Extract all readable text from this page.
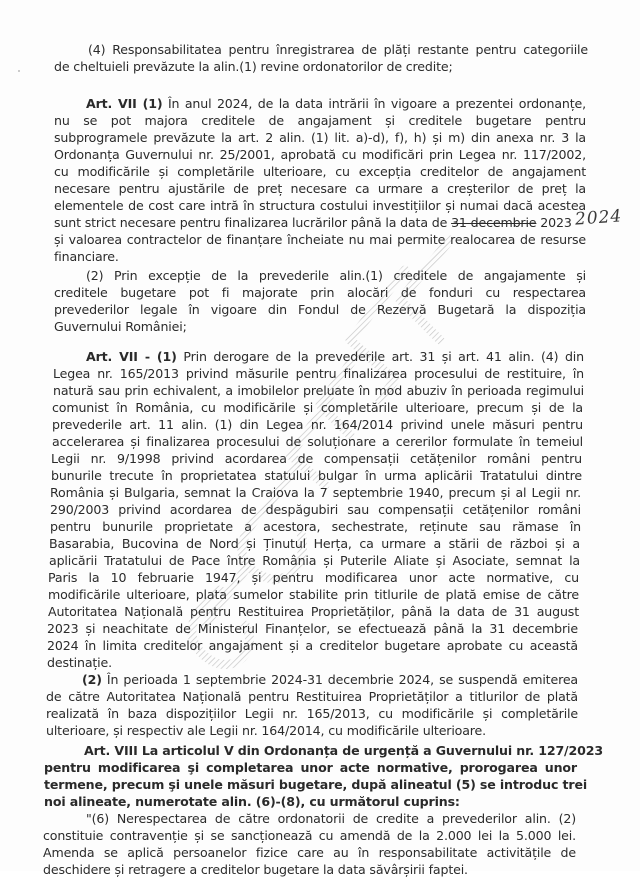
(4) Responsabilitatea pentru înregistrarea de plăți restante pentru categoriile
de cheltuieli prevăzute la alin.(1) revine ordonatorilor de credite;
Art. VII (1) În anul 2024, de la data intrării în vigoare a prezentei ordonanțe,
nu se pot majora creditele de angajament și creditele bugetare pentru
subprogramele prevăzute la art. 2 alin. (1) lit. a)-d), f), h) și m) din anexa nr. 3 la
Ordonanța Guvernului nr. 25/2001, aprobată cu modificări prin Legea nr. 117/2002,
cu modificările și completările ulterioare, cu excepția creditelor de angajament
necesare pentru ajustările de preț necesare ca urmare a creșterilor de preț la
elementele de cost care intră în structura costului investițiilor și numai dacă acestea
sunt strict necesare pentru finalizarea lucrărilor până la data de 31 decembrie 2023 2024
și valoarea contractelor de finanțare încheiate nu mai permite realocarea de resurse
financiare.
(2) Prin excepție de la prevederile alin.(1) creditele de angajamente și
creditele bugetare pot fi majorate prin alocări de fonduri cu respectarea
prevederilor legale în vigoare din Fondul de Rezervă Bugetară la dispoziția
Guvernului României;
Art. VII - (1) Prin derogare de la prevederile art. 31 și art. 41 alin. (4) din
Legea nr. 165/2013 privind măsurile pentru finalizarea procesului de restituire, în
natură sau prin echivalent, a imobilelor preluate în mod abuziv în perioada regimului
comunist în România, cu modificările și completările ulterioare, precum și de la
prevederile art. 11 alin. (1) din Legea nr. 164/2014 privind unele măsuri pentru
accelerarea și finalizarea procesului de soluționare a cererilor formulate în temeiul
Legii nr. 9/1998 privind acordarea de compensații cetățenilor români pentru
bunurile trecute în proprietatea statului bulgar în urma aplicării Tratatului dintre
România și Bulgaria, semnat la Craiova la 7 septembrie 1940, precum și al Legii nr.
290/2003 privind acordarea de despăgubiri sau compensații cetățenilor români
pentru bunurile proprietate a acestora, sechestrate, reținute sau rămase în
Basarabia, Bucovina de Nord și Ținutul Herța, ca urmare a stării de război și a
aplicării Tratatului de Pace între România și Puterile Aliate și Asociate, semnat la
Paris la 10 februarie 1947, și pentru modificarea unor acte normative, cu
modificările ulterioare, plata sumelor stabilite prin titlurile de plată emise de către
Autoritatea Națională pentru Restituirea Proprietăților, până la data de 31 august
2023 și neachitate de Ministerul Finanțelor, se efectuează până la 31 decembrie
2024 în limita creditelor angajament și a creditelor bugetare aprobate cu această
destinație.
(2) În perioada 1 septembrie 2024-31 decembrie 2024, se suspendă emiterea
de către Autoritatea Națională pentru Restituirea Proprietăților a titlurilor de plată
realizată în baza dispozițiilor Legii nr. 165/2013, cu modificările și completările
ulterioare, și respectiv ale Legii nr. 164/2014, cu modificările ulterioare.
Art. VIII La articolul V din Ordonanța de urgență a Guvernului nr. 127/2023
pentru modificarea şi completarea unor acte normative, prorogarea unor
termene, precum şi unele măsuri bugetare, după alineatul (5) se introduc trei
noi alineate, numerotate alin. (6)-(8), cu următorul cuprins:
"(6) Nerespectarea de către ordonatorii de credite a prevederilor alin. (2)
constituie contravenție și se sancționează cu amendă de la 2.000 lei la 5.000 lei.
Amenda se aplică persoanelor fizice care au în responsabilitate activitățile de
deschidere și retragere a creditelor bugetare la data săvârșirii faptei.
